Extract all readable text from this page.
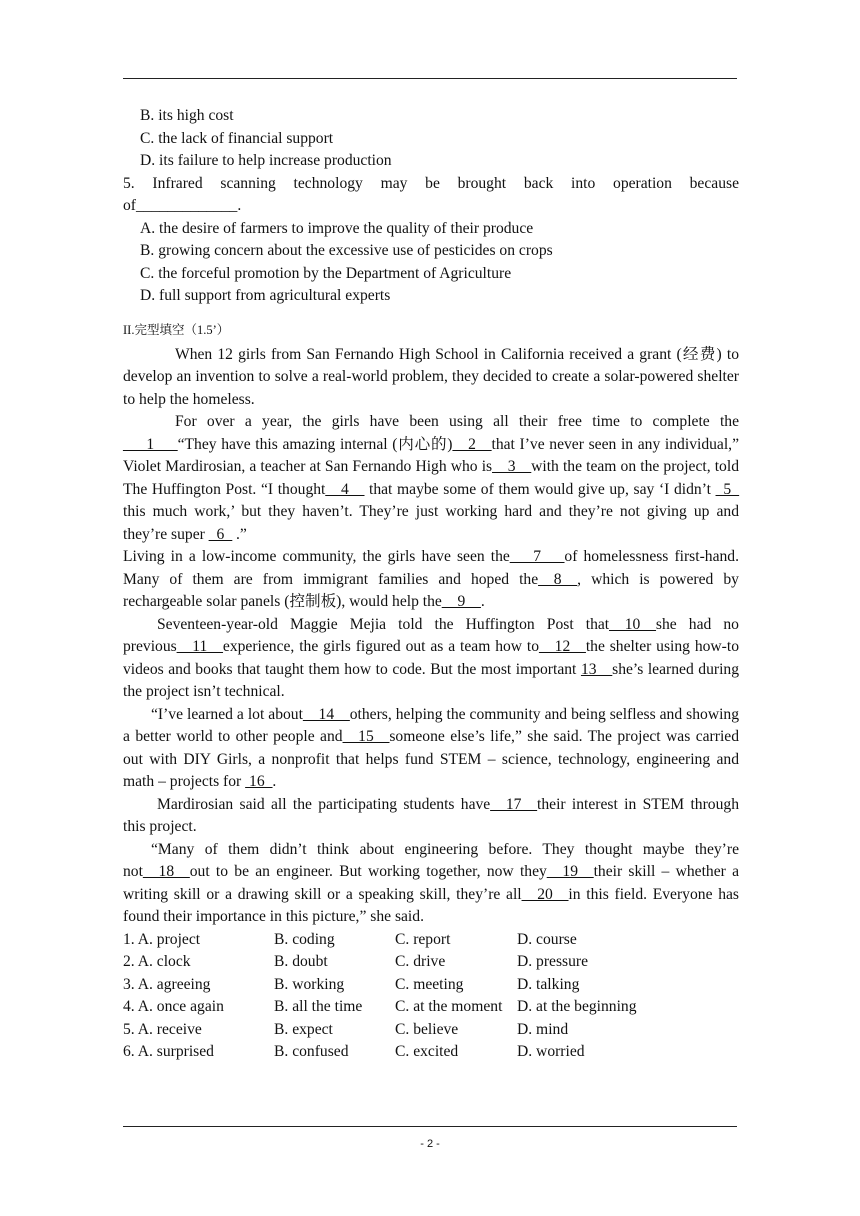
B. its high cost
C. the lack of financial support
D. its failure to help increase production
5. Infrared scanning technology may be brought back into operation because
of_____________.
A. the desire of farmers to improve the quality of their produce
B. growing concern about the excessive use of pesticides on crops
C. the forceful promotion by the Department of Agriculture
D. full support from agricultural experts
II.完型填空（1.5’）

When 12 girls from San Fernando High School in California received a grant (经费) to develop an invention to solve a real-world problem, they decided to create a solar-powered shelter to help the homeless.

For over a year, the girls have been using all their free time to complete the ___1___“They have this amazing internal (内心的)__2__that I’ve never seen in any individual,” Violet Mardirosian, a teacher at San Fernando High who is__3__with the team on the project, told The Huffington Post. “I thought__4__ that maybe some of them would give up, say ‘I didn’t _5_ this much work,’ but they haven’t. They’re just working hard and they’re not giving up and they’re super _6_ .”

Living in a low-income community, the girls have seen the___7___of homelessness first-hand. Many of them are from immigrant families and hoped the__8__, which is powered by rechargeable solar panels (控制板), would help the__9__.

Seventeen-year-old Maggie Mejia told the Huffington Post that__10__she had no previous__11__experience, the girls figured out as a team how to__12__the shelter using how-to videos and books that taught them how to code. But the most important 13__she’s learned during the project isn’t technical.

“I’ve learned a lot about__14__others, helping the community and being selfless and showing a better world to other people and__15__someone else’s life,” she said. The project was carried out with DIY Girls, a nonprofit that helps fund STEM – science, technology, engineering and math – projects for  16_.

Mardirosian said all the participating students have__17__their interest in STEM through this project.

“Many of them didn’t think about engineering before. They thought maybe they’re not__18__out to be an engineer. But working together, now they__19__their skill – whether a writing skill or a drawing skill or a speaking skill, they’re all__20__in this field. Everyone has found their importance in this picture,” she said.

1. A. project	B. coding	C. report	D. course
2. A. clock	B. doubt	C. drive	D. pressure
3. A. agreeing	B. working	C. meeting	D. talking
4. A. once again	B. all the time	C. at the moment D. at the beginning
5. A. receive	B. expect	C. believe	D. mind
6. A. surprised	B. confused	C. excited	D. worried
- 2 -
